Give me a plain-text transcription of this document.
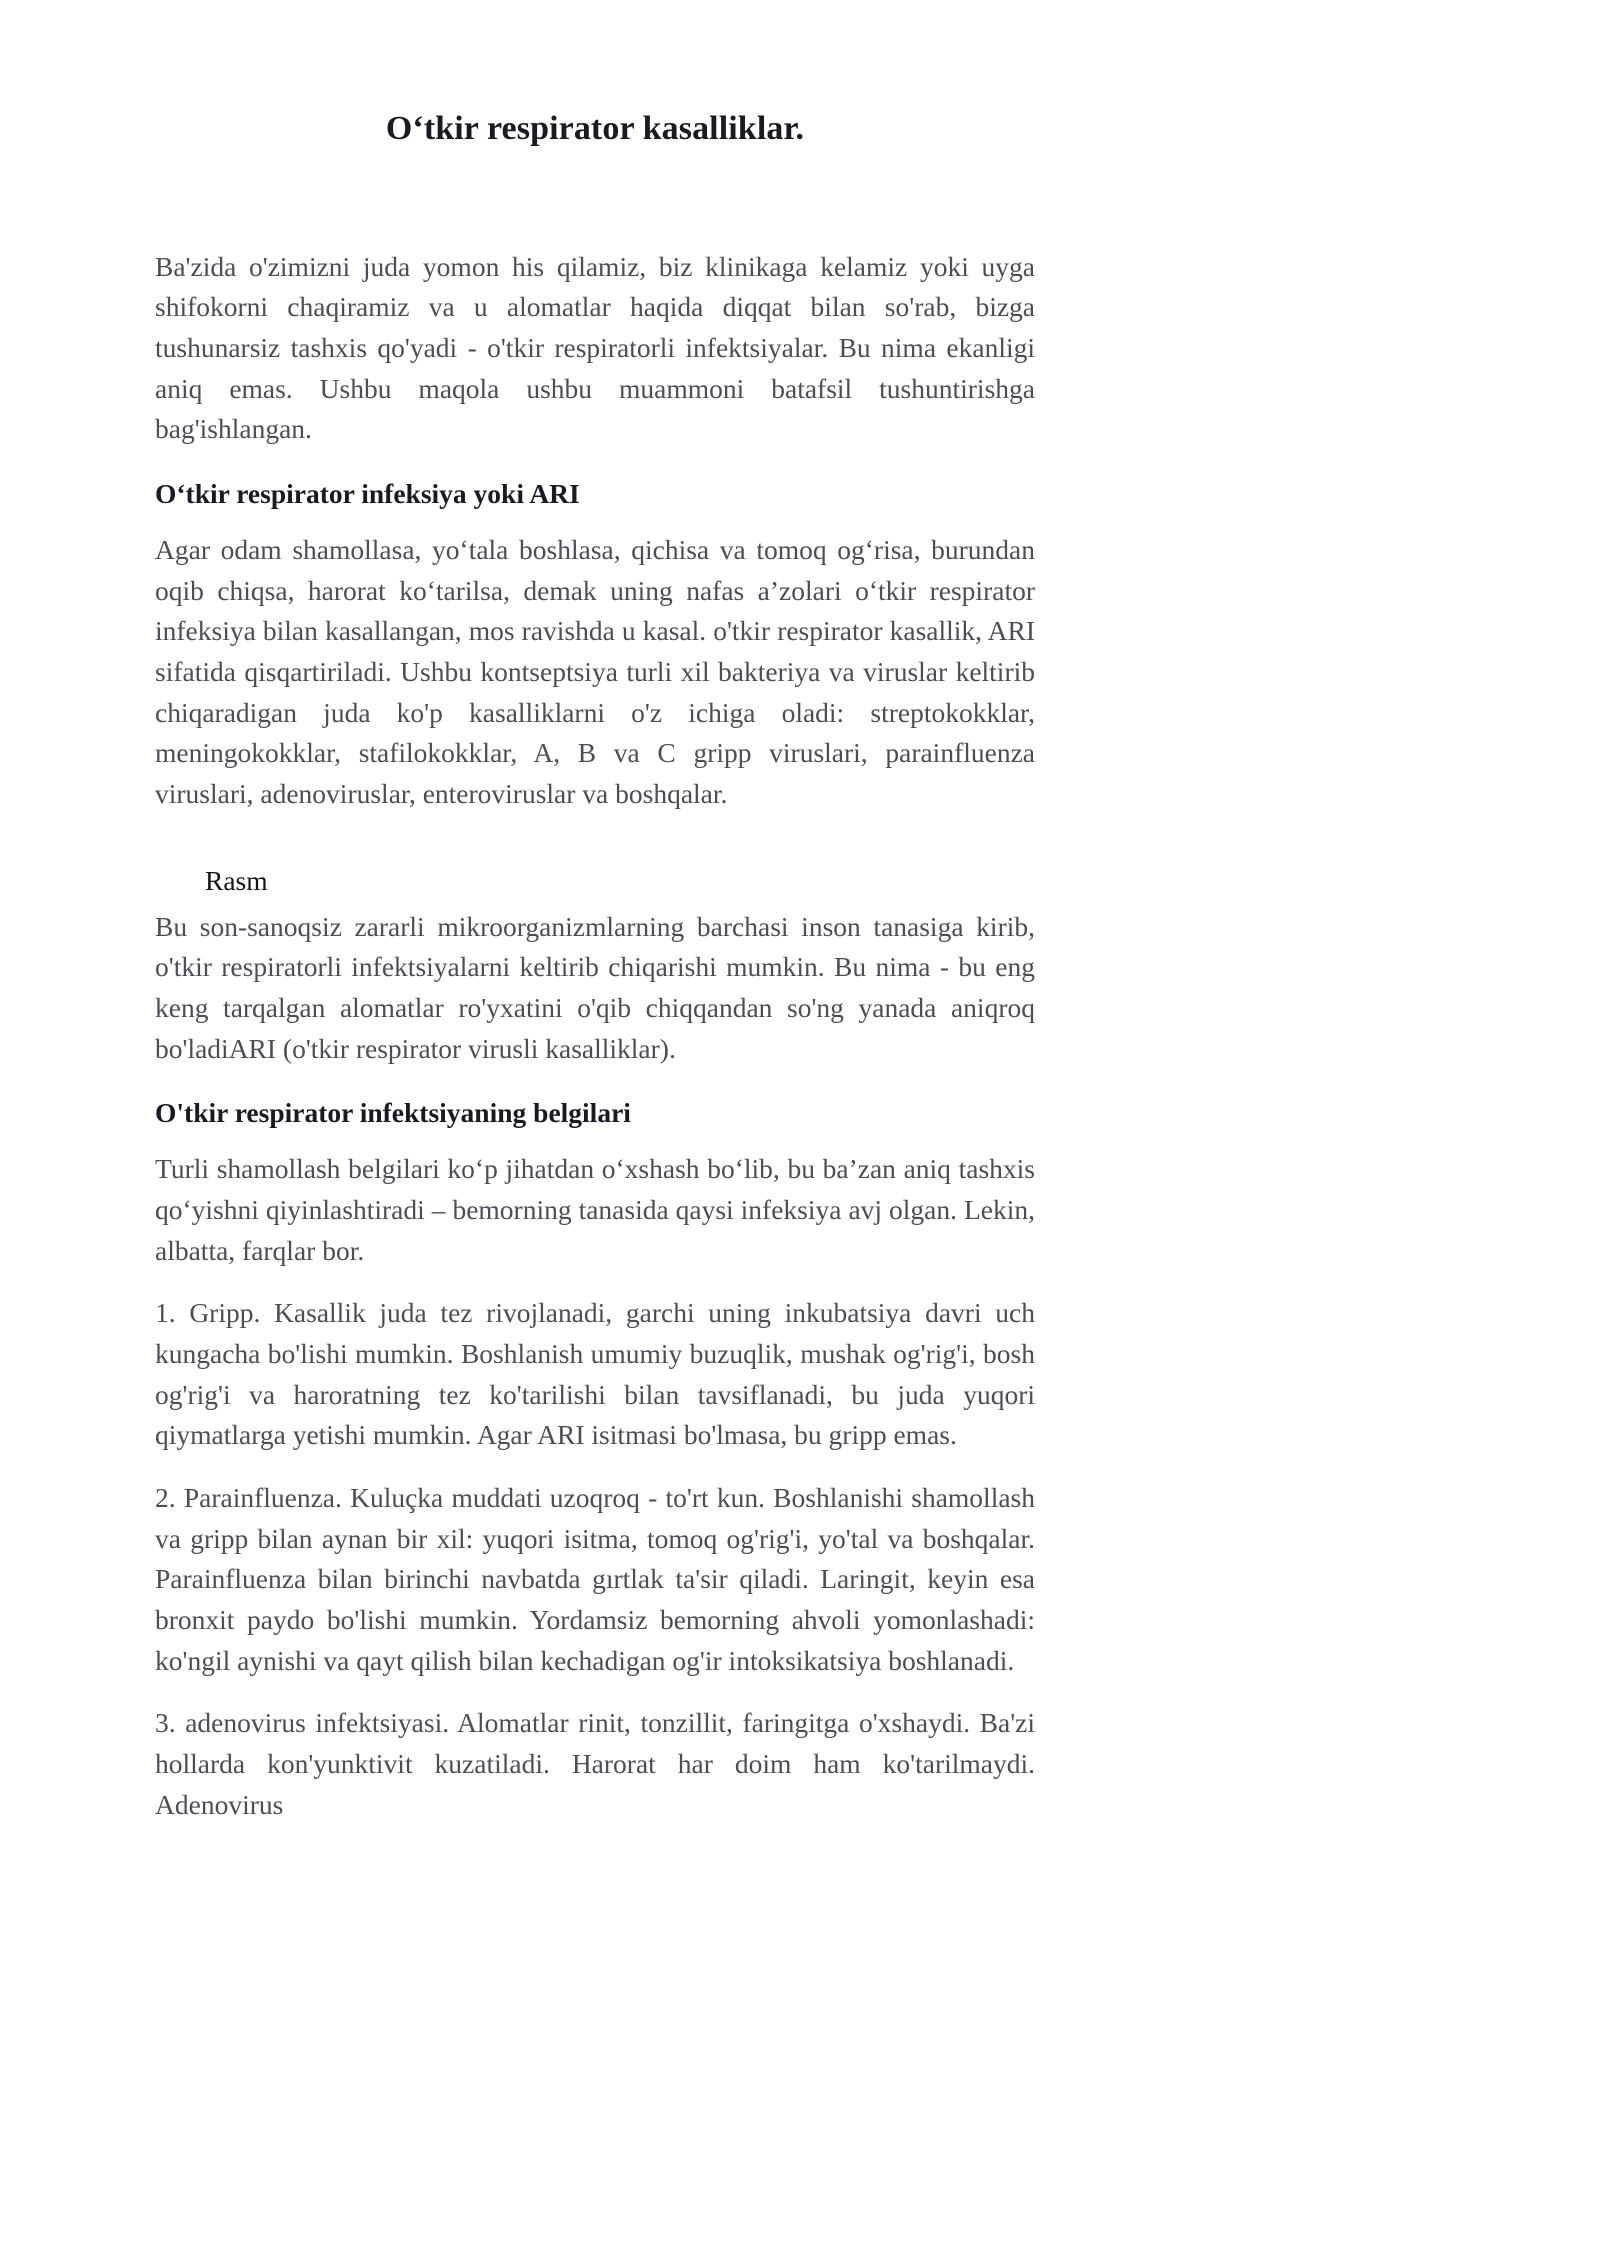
Oʻtkir respirator kasalliklar.

Ba'zida o'zimizni juda yomon his qilamiz, biz klinikaga kelamiz yoki uyga shifokorni chaqiramiz va u alomatlar haqida diqqat bilan so'rab, bizga tushunarsiz tashxis qo'yadi - o'tkir respiratorli infektsiyalar. Bu nima ekanligi aniq emas. Ushbu maqola ushbu muammoni batafsil tushuntirishga bag'ishlangan.

Oʻtkir respirator infeksiya yoki ARI

Agar odam shamollasa, yoʻtala boshlasa, qichisa va tomoq ogʻrisa, burundan oqib chiqsa, harorat koʻtarilsa, demak uning nafas a’zolari oʻtkir respirator infeksiya bilan kasallangan, mos ravishda u kasal. o'tkir respirator kasallik, ARI sifatida qisqartiriladi. Ushbu kontseptsiya turli xil bakteriya va viruslar keltirib chiqaradigan juda ko'p kasalliklarni o'z ichiga oladi: streptokokklar, meningokokklar, stafilokokklar, A, B va C gripp viruslari, parainfluenza viruslari, adenoviruslar, enteroviruslar va boshqalar.

Rasm

Bu son-sanoqsiz zararli mikroorganizmlarning barchasi inson tanasiga kirib, o'tkir respiratorli infektsiyalarni keltirib chiqarishi mumkin. Bu nima - bu eng keng tarqalgan alomatlar ro'yxatini o'qib chiqqandan so'ng yanada aniqroq bo'ladiARI (o'tkir respirator virusli kasalliklar).

O'tkir respirator infektsiyaning belgilari

Turli shamollash belgilari koʻp jihatdan oʻxshash boʻlib, bu ba’zan aniq tashxis qoʻyishni qiyinlashtiradi – bemorning tanasida qaysi infeksiya avj olgan. Lekin, albatta, farqlar bor.

1. Gripp. Kasallik juda tez rivojlanadi, garchi uning inkubatsiya davri uch kungacha bo'lishi mumkin. Boshlanish umumiy buzuqlik, mushak og'rig'i, bosh og'rig'i va haroratning tez ko'tarilishi bilan tavsiflanadi, bu juda yuqori qiymatlarga yetishi mumkin. Agar ARI isitmasi bo'lmasa, bu gripp emas.

2. Parainfluenza. Kuluçka muddati uzoqroq - to'rt kun. Boshlanishi shamollash va gripp bilan aynan bir xil: yuqori isitma, tomoq og'rig'i, yo'tal va boshqalar. Parainfluenza bilan birinchi navbatda gırtlak ta'sir qiladi. Laringit, keyin esa bronxit paydo bo'lishi mumkin. Yordamsiz bemorning ahvoli yomonlashadi: ko'ngil aynishi va qayt qilish bilan kechadigan og'ir intoksikatsiya boshlanadi.

3. adenovirus infektsiyasi. Alomatlar rinit, tonzillit, faringitga o'xshaydi. Ba'zi hollarda kon'yunktivit kuzatiladi. Harorat har doim ham ko'tarilmaydi. Adenovirus
